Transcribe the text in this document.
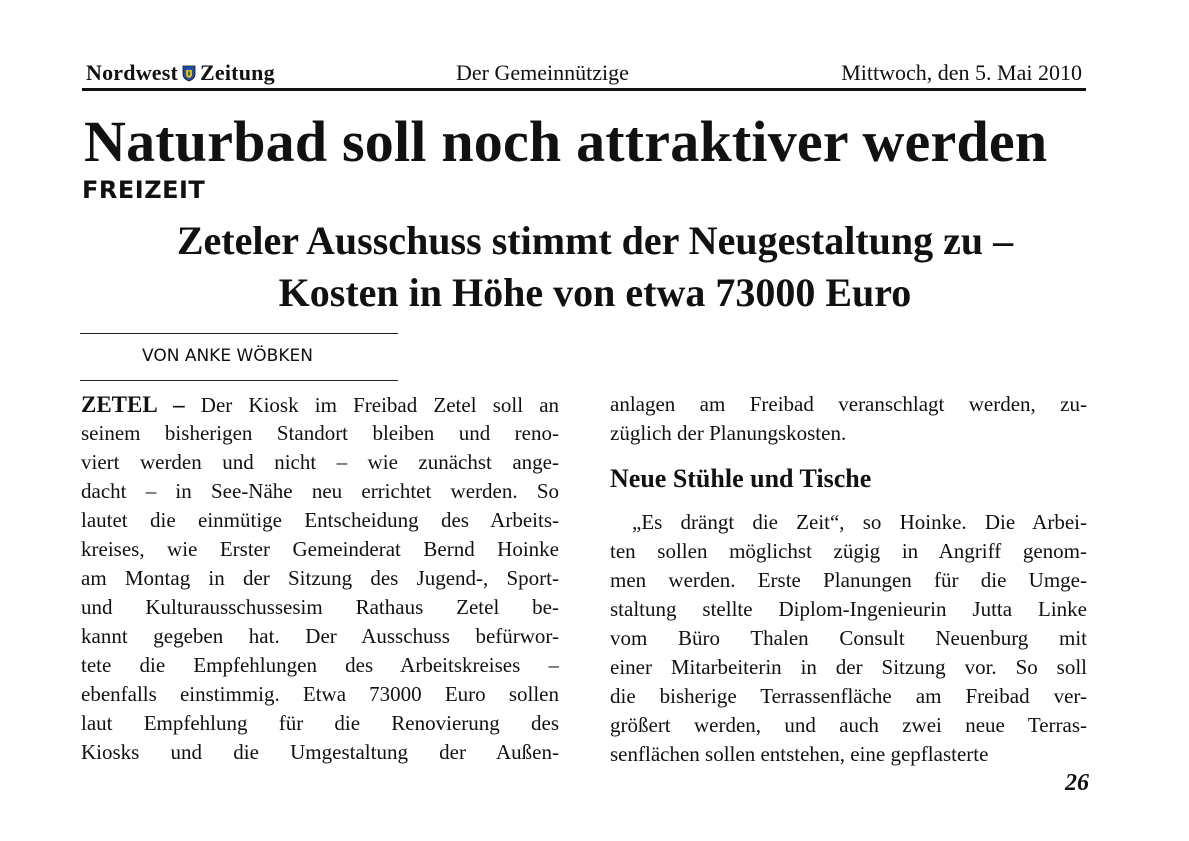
Nordwest Zeitung	Der Gemeinnützige	Mittwoch, den 5. Mai 2010
Naturbad soll noch attraktiver werden
FREIZEIT
Zeteler Ausschuss stimmt der Neugestaltung zu –
Kosten in Höhe von etwa 73000 Euro
VON ANKE WÖBKEN
ZETEL – Der Kiosk im Freibad Zetel soll an
seinem bisherigen Standort bleiben und reno-
viert werden und nicht – wie zunächst ange-
dacht – in See-Nähe neu errichtet werden. So
lautet die einmütige Entscheidung des Arbeits-
kreises, wie Erster Gemeinderat Bernd Hoinke
am Montag in der Sitzung des Jugend-, Sport-
und Kulturausschussesim Rathaus Zetel be-
kannt gegeben hat. Der Ausschuss befürwor-
tete die Empfehlungen des Arbeitskreises –
ebenfalls einstimmig. Etwa 73000 Euro sollen
laut Empfehlung für die Renovierung des
Kiosks und die Umgestaltung der Außen-
anlagen am Freibad veranschlagt werden, zu-
züglich der Planungskosten.
Neue Stühle und Tische
„Es drängt die Zeit“, so Hoinke. Die Arbei-
ten sollen möglichst zügig in Angriff genom-
men werden. Erste Planungen für die Umge-
staltung stellte Diplom-Ingenieurin Jutta Linke
vom Büro Thalen Consult Neuenburg mit
einer Mitarbeiterin in der Sitzung vor. So soll
die bisherige Terrassenfläche am Freibad ver-
größert werden, und auch zwei neue Terras-
senflächen sollen entstehen, eine gepflasterte
26
